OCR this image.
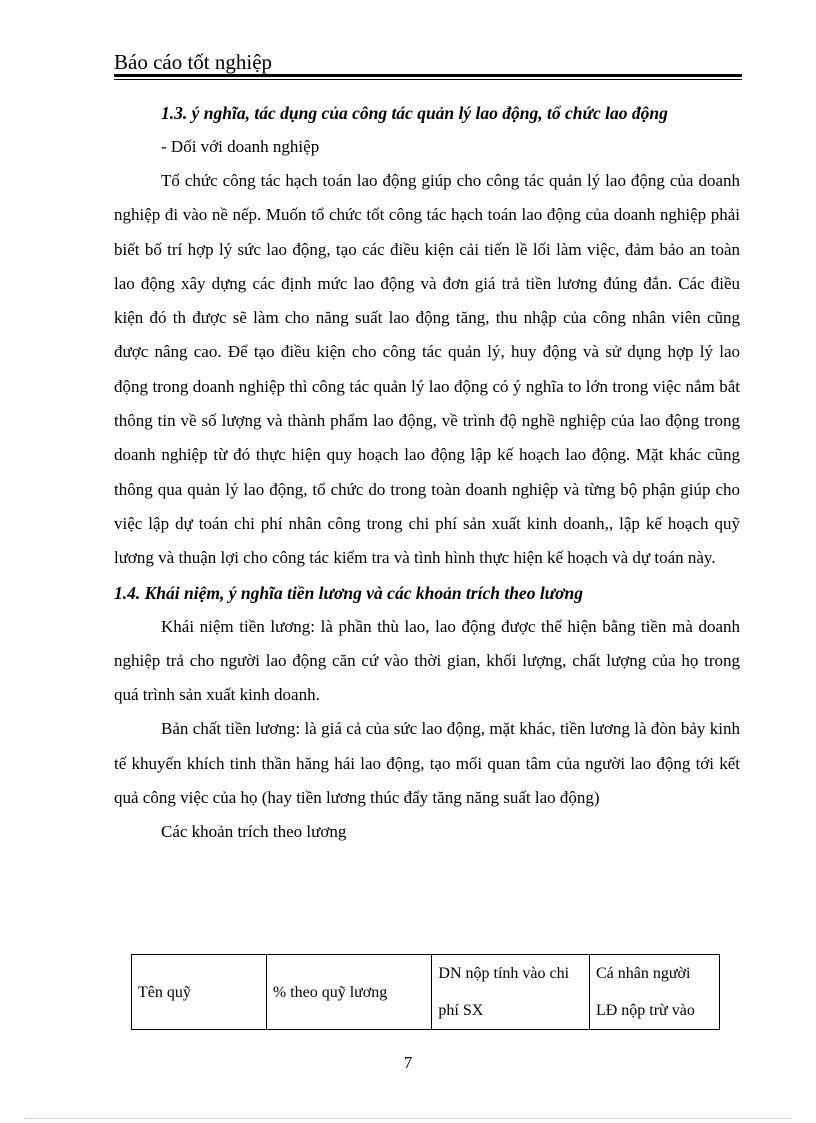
Báo cáo tốt nghiệp
1.3. ý nghĩa, tác dụng của công tác quản lý lao động, tổ chức lao động

- Dối với doanh nghiệp

Tổ chức công tác hạch toán lao động giúp cho công tác quản lý lao động của doanh nghiệp đi vào nề nếp. Muốn tổ chức tốt công tác hạch toán lao động của doanh nghiệp phải biết bố trí hợp lý sức lao động, tạo các điều kiện cải tiến lề lối làm việc, đảm bảo an toàn lao động xây dựng các định mức lao động và đơn giá trả tiền lương đúng đắn. Các điều kiện đó th được sẽ làm cho năng suất lao động tăng, thu nhập của công nhân viên cũng được nâng cao. Để tạo điều kiện cho công tác quản lý, huy động và sử dụng hợp lý lao động trong doanh nghiệp thì công tác quản lý lao động có ý nghĩa to lớn trong việc nắm bắt thông tin về số lượng và thành phẩm lao động, về trình độ nghề nghiệp của lao động trong doanh nghiệp từ đó thực hiện quy hoạch lao động lập kế hoạch lao động. Mặt khác cũng thông qua quản lý lao động, tổ chức do trong toàn doanh nghiệp và từng bộ phận giúp cho việc lập dự toán chi phí nhân công trong chi phí sản xuất kinh doanh,, lập kế hoạch quỹ lương và thuận lợi cho công tác kiểm tra và tình hình thực hiện kế hoạch và dự toán này.

1.4. Khái niệm, ý nghĩa tiền lương và các khoản trích theo lương

Khái niệm tiền lương: là phần thù lao, lao động được thể hiện bằng tiền mà doanh nghiệp trả cho người lao động căn cứ vào thời gian, khối lượng, chất lượng của họ trong quá trình sản xuất kinh doanh.

Bản chất tiền lương: là giá cả của sức lao động, mặt khác, tiền lương là đòn bảy kinh tế khuyến khích tinh thần hăng hái lao động, tạo mối quan tâm của người lao động tới kết quả công việc của họ (hay tiền lương thúc đẩy tăng năng suất lao động)

Các khoản trích theo lương

Tên quỹ	% theo quỹ lương	DN nộp tính vào chi phí SX	Cá nhân người LĐ nộp trừ vào
7
